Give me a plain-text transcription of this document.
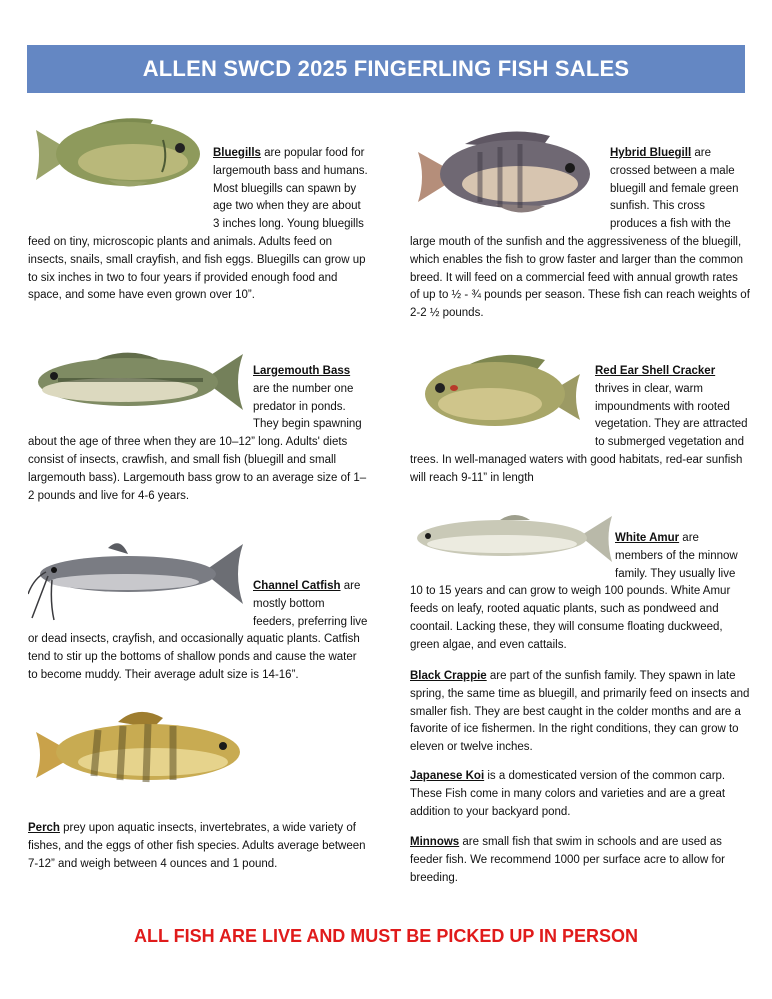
ALLEN SWCD 2025 FINGERLING FISH SALES

Bluegills are popular food for largemouth bass and humans. Most bluegills can spawn by age two when they are about 3 inches long. Young bluegills feed on tiny, microscopic plants and animals. Adults feed on insects, snails, small crayfish, and fish eggs. Bluegills can grow up to six inches in two to four years if provided enough food and space, and some have even grown over 10”.

Hybrid Bluegill are crossed between a male bluegill and female green sunfish. This cross produces a fish with the large mouth of the sunfish and the aggressiveness of the bluegill, which enables the fish to grow faster and larger than the common breed. It will feed on a commercial feed with annual growth rates of up to ½ - ¾ pounds per season. These fish can reach weights of 2-2 ½ pounds.

Largemouth Bass are the number one predator in ponds. They begin spawning about the age of three when they are 10–12” long. Adults' diets consist of insects, crawfish, and small fish (bluegill and small largemouth bass). Largemouth bass grow to an average size of 1–2 pounds and live for 4-6 years.

Red Ear Shell Cracker thrives in clear, warm impoundments with rooted vegetation. They are attracted to submerged vegetation and trees. In well-managed waters with good habitats, red-ear sunfish will reach 9-11” in length

White Amur are members of the minnow family. They usually live 10 to 15 years and can grow to weigh 100 pounds. White Amur feeds on leafy, rooted aquatic plants, such as pondweed and coontail. Lacking these, they will consume floating duckweed, green algae, and even cattails.

Channel Catfish are mostly bottom feeders, preferring live or dead insects, crayfish, and occasionally aquatic plants. Catfish tend to stir up the bottoms of shallow ponds and cause the water to become muddy. Their average adult size is 14-16”.	Black Crappie are part of the sunfish family. They spawn in late spring, the same time as bluegill, and primarily feed on insects and smaller fish. They are best caught in the colder months and are a favorite of ice fishermen. In the right conditions, they can grow to eleven or twelve inches.

Perch prey upon aquatic insects, invertebrates, a wide variety of fishes, and the eggs of other fish species. Adults average between 7-12” and weigh between 4 ounces and 1 pound.

Japanese Koi is a domesticated version of the common carp. These Fish come in many colors and varieties and are a great addition to your backyard pond.

Minnows are small fish that swim in schools and are used as feeder fish. We recommend 1000 per surface acre to allow for breeding.

ALL FISH ARE LIVE AND MUST BE PICKED UP IN PERSON
